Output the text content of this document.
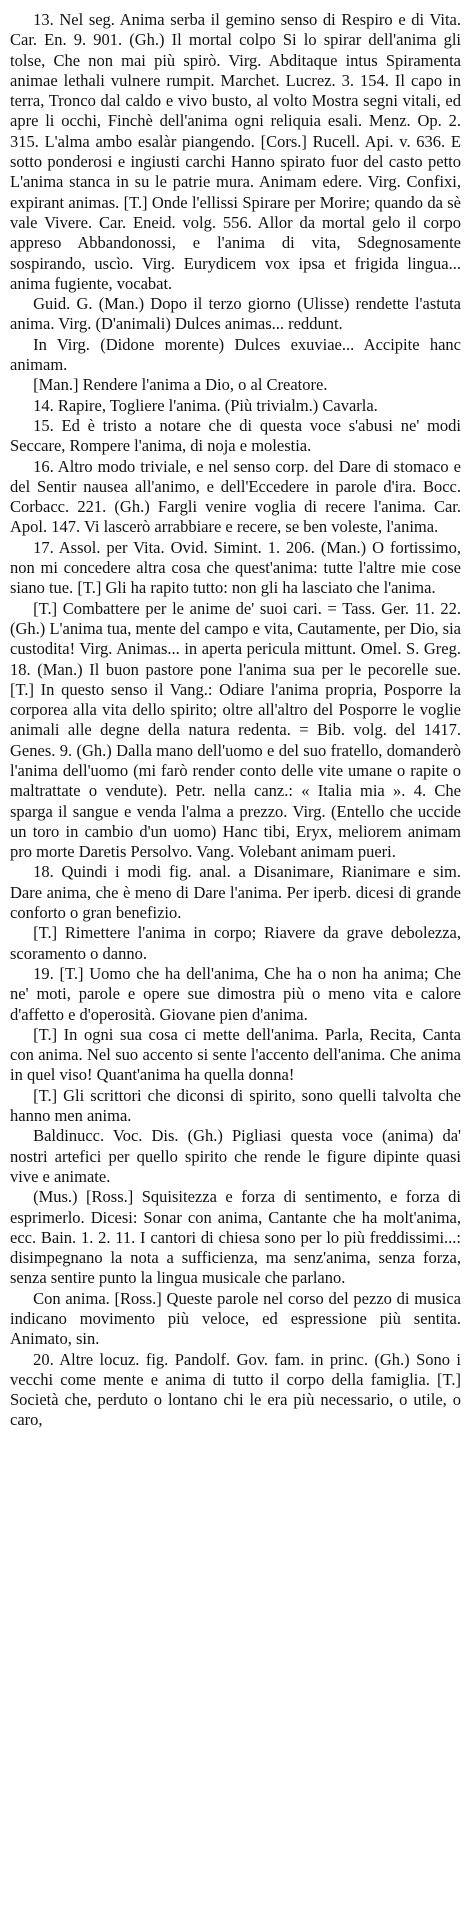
13. Nel seg. Anima serba il gemino senso di Respiro e di Vita. Car. En. 9. 901. (Gh.) Il mortal colpo Si lo spirar dell'anima gli tolse, Che non mai più spirò. Virg. Abditaque intus Spiramenta animae lethali vulnere rumpit. Marchet. Lucrez. 3. 154. Il capo in terra, Tronco dal caldo e vivo busto, al volto Mostra segni vitali, ed apre li occhi, Finchè dell'anima ogni reliquia esali. Menz. Op. 2. 315. L'alma ambo esalàr piangendo. [Cors.] Rucell. Api. v. 636. E sotto ponderosi e ingiusti carchi Hanno spirato fuor del casto petto L'anima stanca in su le patrie mura. Animam edere. Virg. Confixi, expirant animas. [T.] Onde l'ellissi Spirare per Morire; quando da sè vale Vivere. Car. Eneid. volg. 556. Allor da mortal gelo il corpo appreso Abbandonossi, e l'anima di vita, Sdegnosamente sospirando, uscìo. Virg. Eurydicem vox ipsa et frigida lingua... anima fugiente, vocabat.

Guid. G. (Man.) Dopo il terzo giorno (Ulisse) rendette l'astuta anima. Virg. (D'animali) Dulces animas... reddunt.

In Virg. (Didone morente) Dulces exuviae... Accipite hanc animam.

[Man.] Rendere l'anima a Dio, o al Creatore.

14. Rapire, Togliere l'anima. (Più trivialm.) Cavarla.

15. Ed è tristo a notare che di questa voce s'abusi ne' modi Seccare, Rompere l'anima, di noja e molestia.

16. Altro modo triviale, e nel senso corp. del Dare di stomaco e del Sentir nausea all'animo, e dell'Eccedere in parole d'ira. Bocc. Corbacc. 221. (Gh.) Fargli venire voglia di recere l'anima. Car. Apol. 147. Vi lascerò arrabbiare e recere, se ben voleste, l'anima.

17. Assol. per Vita. Ovid. Simint. 1. 206. (Man.) O fortissimo, non mi concedere altra cosa che quest'anima: tutte l'altre mie cose siano tue. [T.] Gli ha rapito tutto: non gli ha lasciato che l'anima.

[T.] Combattere per le anime de' suoi cari. = Tass. Ger. 11. 22. (Gh.) L'anima tua, mente del campo e vita, Cautamente, per Dio, sia custodita! Virg. Animas... in aperta pericula mittunt. Omel. S. Greg. 18. (Man.) Il buon pastore pone l'anima sua per le pecorelle sue. [T.] In questo senso il Vang.: Odiare l'anima propria, Posporre la corporea alla vita dello spirito; oltre all'altro del Posporre le voglie animali alle degne della natura redenta. = Bib. volg. del 1417. Genes. 9. (Gh.) Dalla mano dell'uomo e del suo fratello, domanderò l'anima dell'uomo (mi farò render conto delle vite umane o rapite o maltrattate o vendute). Petr. nella canz.: « Italia mia ». 4. Che sparga il sangue e venda l'alma a prezzo. Virg. (Entello che uccide un toro in cambio d'un uomo) Hanc tibi, Eryx, meliorem animam pro morte Daretis Persolvo. Vang. Volebant animam pueri.

18. Quindi i modi fig. anal. a Disanimare, Rianimare e sim. Dare anima, che è meno di Dare l'anima. Per iperb. dicesi di grande conforto o gran benefizio.

[T.] Rimettere l'anima in corpo; Riavere da grave debolezza, scoramento o danno.

19. [T.] Uomo che ha dell'anima, Che ha o non ha anima; Che ne' moti, parole e opere sue dimostra più o meno vita e calore d'affetto e d'operosità. Giovane pien d'anima.

[T.] In ogni sua cosa ci mette dell'anima. Parla, Recita, Canta con anima. Nel suo accento si sente l'accento dell'anima. Che anima in quel viso! Quant'anima ha quella donna!

[T.] Gli scrittori che diconsi di spirito, sono quelli talvolta che hanno men anima.

Baldinucc. Voc. Dis. (Gh.) Pigliasi questa voce (anima) da' nostri artefici per quello spirito che rende le figure dipinte quasi vive e animate.

(Mus.) [Ross.] Squisitezza e forza di sentimento, e forza di esprimerlo. Dicesi: Sonar con anima, Cantante che ha molt'anima, ecc. Bain. 1. 2. 11. I cantori di chiesa sono per lo più freddissimi...: disimpegnano la nota a sufficienza, ma senz'anima, senza forza, senza sentire punto la lingua musicale che parlano.

Con anima. [Ross.] Queste parole nel corso del pezzo di musica indicano movimento più veloce, ed espressione più sentita. Animato, sin.

20. Altre locuz. fig. Pandolf. Gov. fam. in princ. (Gh.) Sono i vecchi come mente e anima di tutto il corpo della famiglia. [T.] Società che, perduto o lontano chi le era più necessario, o utile, o caro,
